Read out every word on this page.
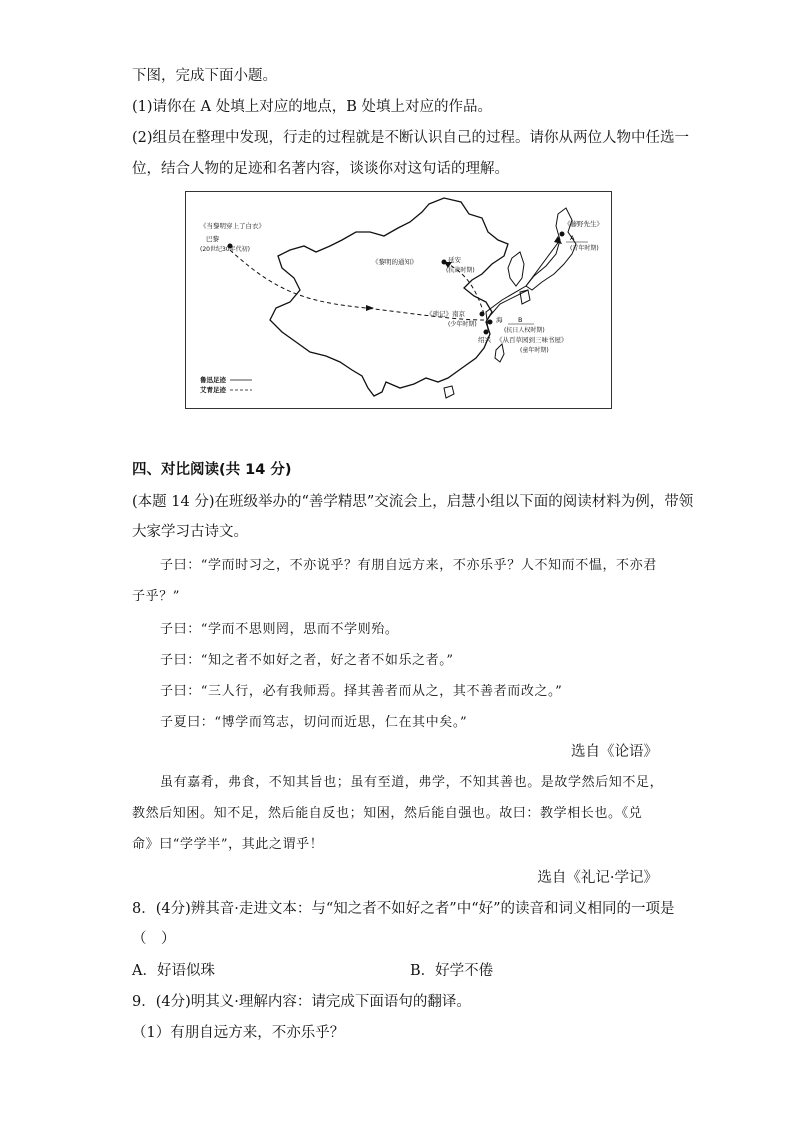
下图，完成下面小题。
(1)请你在 A 处填上对应的地点，B 处填上对应的作品。
(2)组员在整理中发现，行走的过程就是不断认识自己的过程。请你从两位人物中任选一
位，结合人物的足迹和名著内容，谈谈你对这句话的理解。
《当黎明穿上了白衣》
巴黎
(20世纪30年代初)
《黎明的通知》	延安
(抗战时期)
《琐记》 南京
(少年时期)
《藤野先生》
A
(青年时期)
海 B
(抗日人权时期)
绍兴 《从百草园到三味书屋》
(童年时期)
鲁迅足迹
艾青足迹
四、对比阅读(共 14 分)
(本题 14 分)在班级举办的“善学精思”交流会上，启慧小组以下面的阅读材料为例，带领
大家学习古诗文。
子曰：“学而时习之，不亦说乎？有朋自远方来，不亦乐乎？人不知而不愠，不亦君
子乎？”
子曰：“学而不思则罔，思而不学则殆。
子曰：“知之者不如好之者，好之者不如乐之者。”
子曰：“三人行，必有我师焉。择其善者而从之，其不善者而改之。”
子夏曰：“博学而笃志，切问而近思，仁在其中矣。”
选自《论语》
虽有嘉肴，弗食，不知其旨也；虽有至道，弗学，不知其善也。是故学然后知不足，
教然后知困。知不足，然后能自反也；知困，然后能自强也。故曰：教学相长也。《兑
命》曰“学学半”，其此之谓乎！
选自《礼记·学记》
8．(4分)辨其音·走进文本：与“知之者不如好之者”中“好”的读音和词义相同的一项是
（　）
A．好语似珠	B．好学不倦
9．(4分)明其义·理解内容：请完成下面语句的翻译。
（1）有朋自远方来，不亦乐乎？
